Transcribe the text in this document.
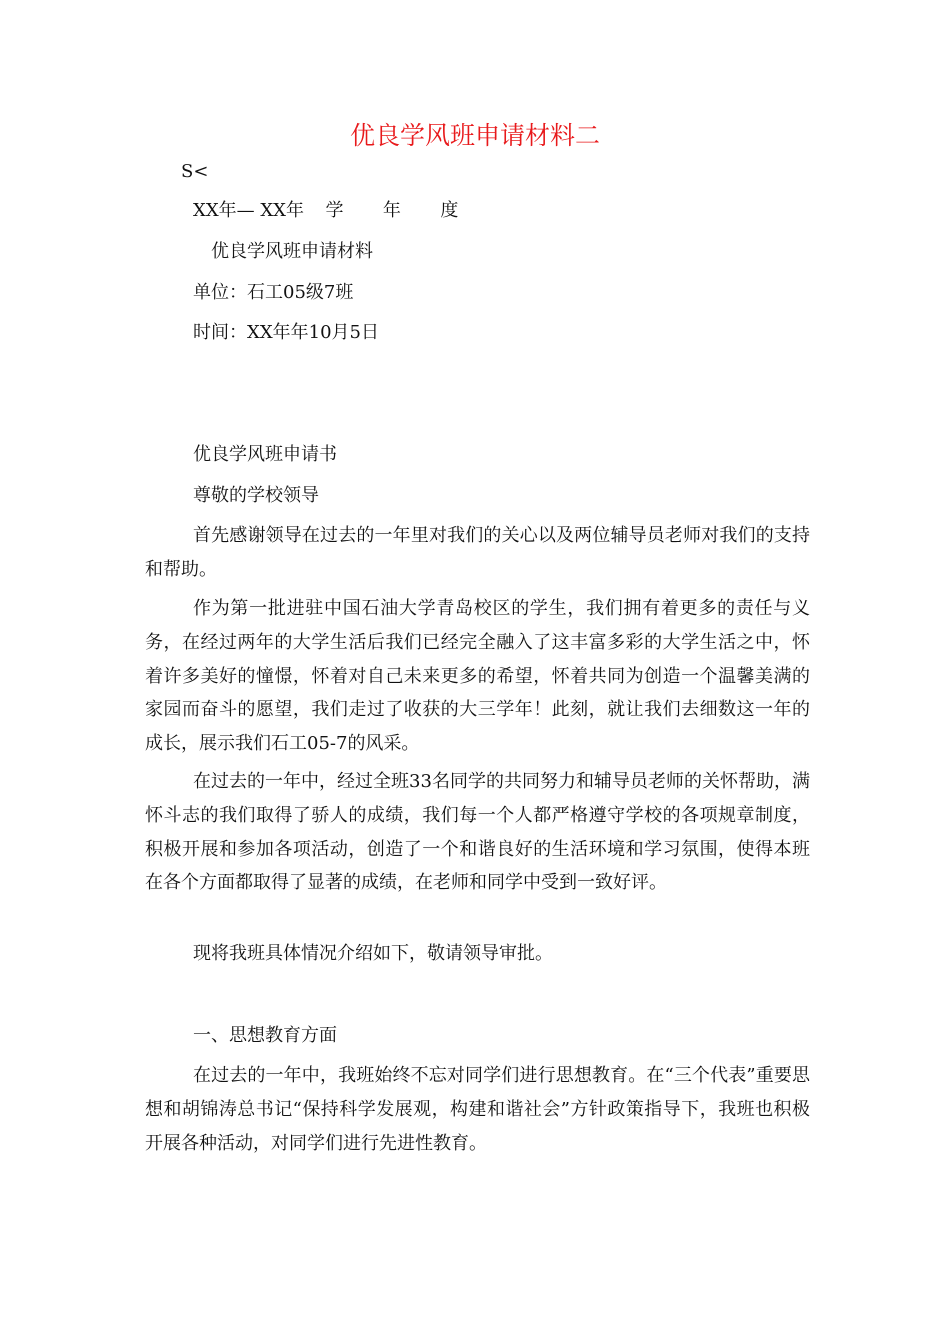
优良学风班申请材料二
S<
XX年— XX年 学 年 度
优良学风班申请材料
单位：石工05级7班
时间：XX年年10月5日
优良学风班申请书
尊敬的学校领导
首先感谢领导在过去的一年里对我们的关心以及两位辅导员老师对我们的支持和帮助。
作为第一批进驻中国石油大学青岛校区的学生，我们拥有着更多的责任与义务，在经过两年的大学生活后我们已经完全融入了这丰富多彩的大学生活之中，怀着许多美好的憧憬，怀着对自己未来更多的希望，怀着共同为创造一个温馨美满的家园而奋斗的愿望，我们走过了收获的大三学年！此刻，就让我们去细数这一年的成长，展示我们石工05-7的风采。
在过去的一年中，经过全班33名同学的共同努力和辅导员老师的关怀帮助，满怀斗志的我们取得了骄人的成绩，我们每一个人都严格遵守学校的各项规章制度，积极开展和参加各项活动，创造了一个和谐良好的生活环境和学习氛围，使得本班在各个方面都取得了显著的成绩，在老师和同学中受到一致好评。
现将我班具体情况介绍如下，敬请领导审批。
一、思想教育方面
在过去的一年中，我班始终不忘对同学们进行思想教育。在“三个代表”重要思想和胡锦涛总书记“保持科学发展观，构建和谐社会”方针政策指导下，我班也积极开展各种活动，对同学们进行先进性教育。
